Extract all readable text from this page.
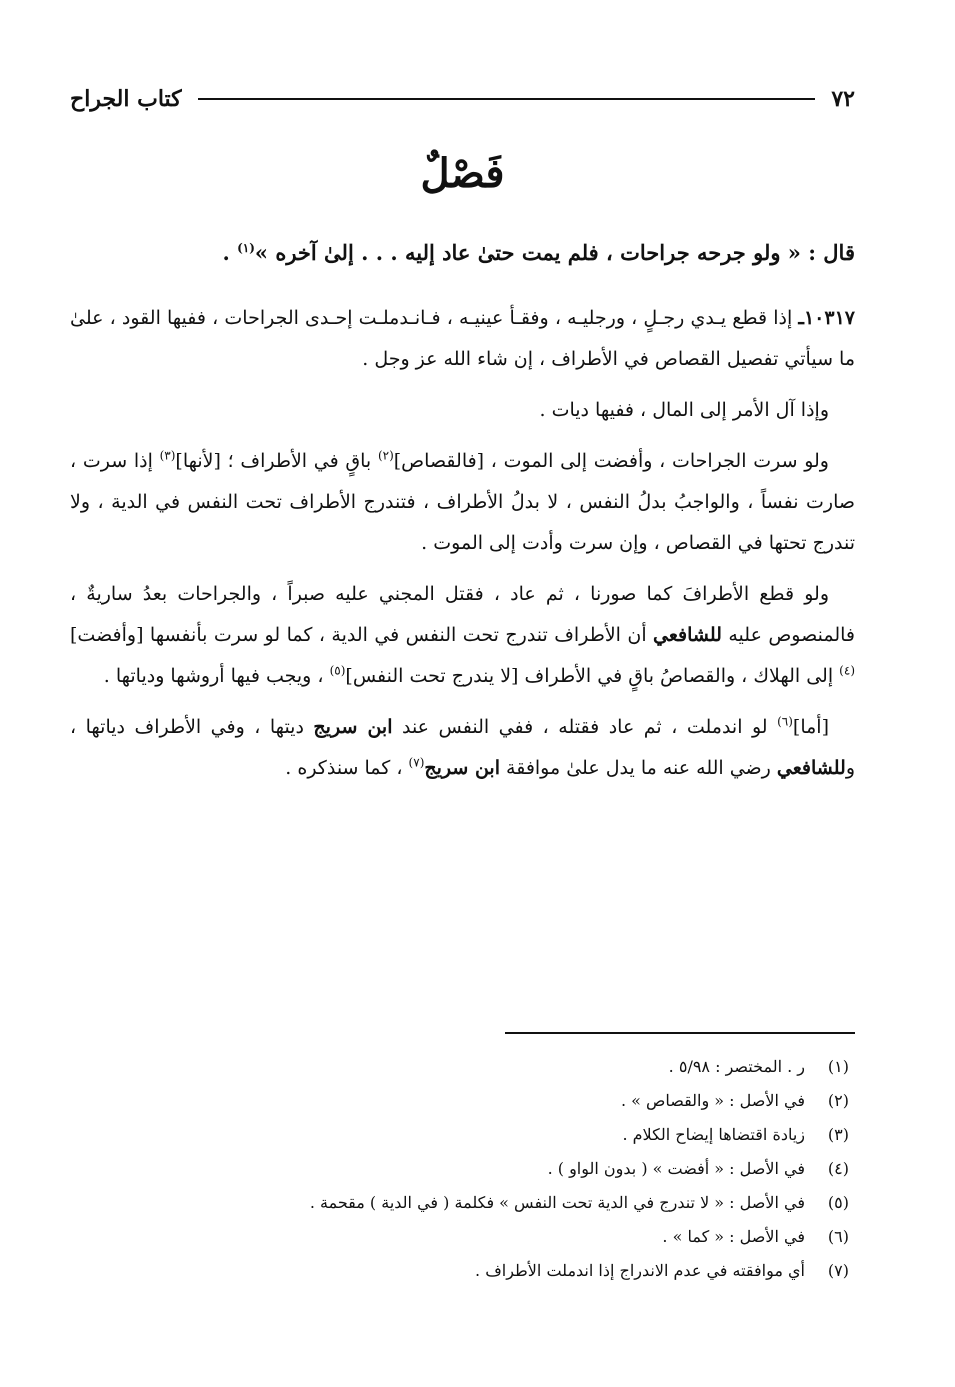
٧٢
كتاب الجراح
فَصْلٌ
قال : « ولو جرحه جراحات ، فلم يمت حتىٰ عاد إليه . . . إلىٰ آخره »$^{(١)}$ .

١٠٣١٧ـ إذا قطع يـدي رجـلٍ ، ورجليـه ، وفقـأ عينيـه ، فـانـدملـت إحـدى الجراحات ، ففيها القود ، علىٰ ما سيأتي تفصيل القصاص في الأطراف ، إن شاء الله عز وجل .

وإذا آل الأمر إلى المال ، ففيها ديات .

ولو سرت الجراحات ، وأفضت إلى الموت ، [فالقصاص]$^{(٢)}$ باقٍ في الأطراف ؛ [لأنها]$^{(٣)}$ إذا سرت ، صارت نفساً ، والواجبُ بدلُ النفس ، لا بدلُ الأطراف ، فتندرج الأطراف تحت النفس في الدية ، ولا تندرج تحتها في القصاص ، وإن سرت وأدت إلى الموت .

ولو قطع الأطرافَ كما صورنا ، ثم عاد ، فقتل المجني عليه صبراً ، والجراحات بعدُ ساريةٌ ، فالمنصوص عليه للشافعي أن الأطراف تندرج تحت النفس في الدية ، كما لو سرت بأنفسها [وأفضت]$^{(٤)}$ إلى الهلاك ، والقصاصُ باقٍ في الأطراف [لا يندرج تحت النفس]$^{(٥)}$ ، ويجب فيها أروشها ودياتها .

[أما]$^{(٦)}$ لو اندملت ، ثم عاد فقتله ، ففي النفس عند ابن سريج ديتها ، وفي الأطراف دياتها ، وللشافعي رضي الله عنه ما يدل علىٰ موافقة ابن سريج$^{(٧)}$ ، كما سنذكره .

(١)
ر . المختصر : ٥/٩٨ .
(٢)
في الأصل : « والقصاص » .
(٣)
زيادة اقتضاها إيضاح الكلام .
(٤)
في الأصل : « أفضت » ( بدون الواو ) .
(٥)
في الأصل : « لا تندرج في الدية تحت النفس » فكلمة ( في الدية ) مقحمة .
(٦)
في الأصل : « كما » .
(٧)
أي موافقته في عدم الاندراج إذا اندملت الأطراف .
